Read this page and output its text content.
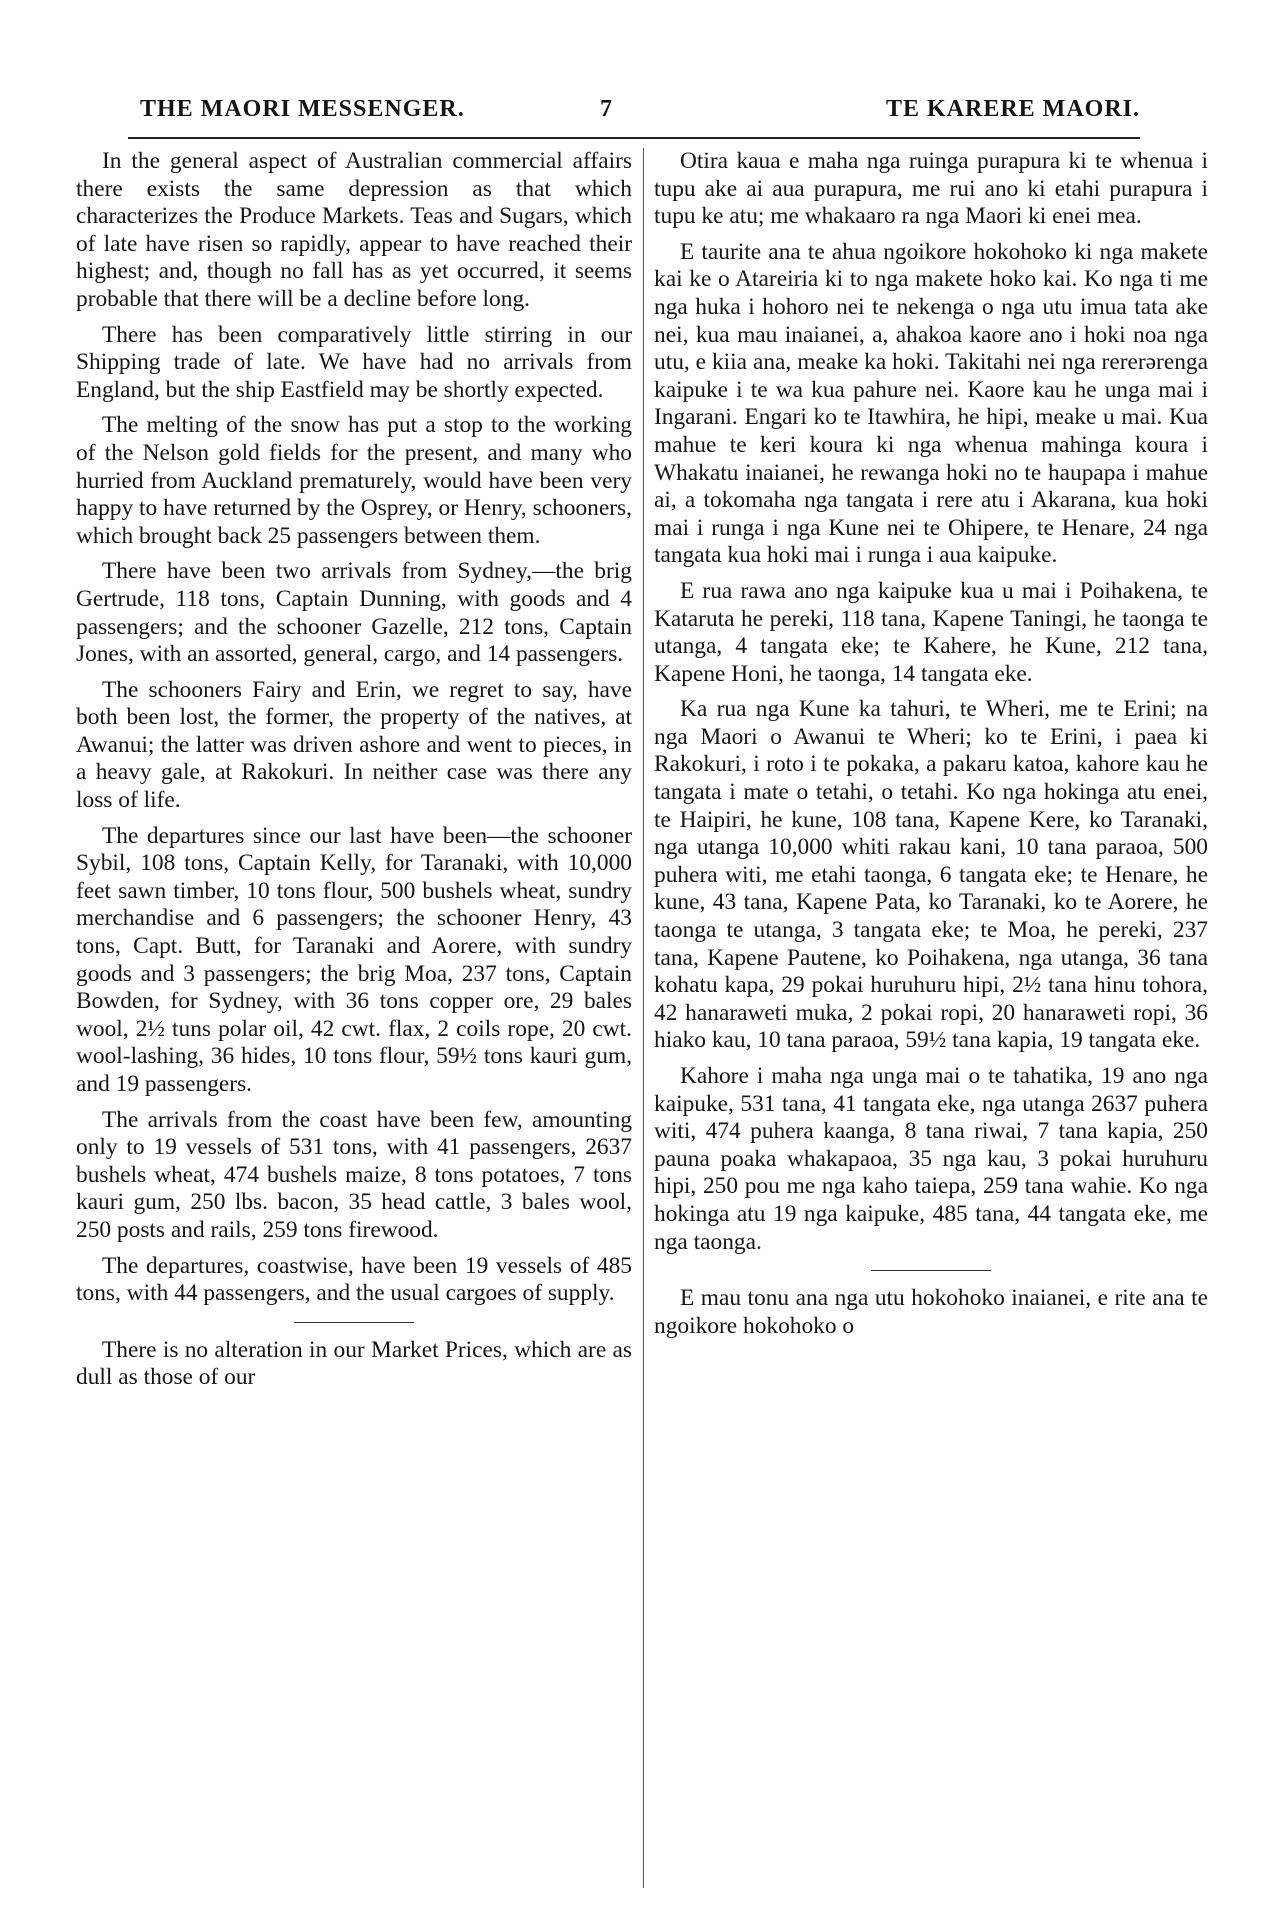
THE MAORI MESSENGER.	7	TE KARERE MAORI.

In the general aspect of Australian commercial affairs there exists the same depression as that which characterizes the Produce Markets. Teas and Sugars, which of late have risen so rapidly, appear to have reached their highest; and, though no fall has as yet occurred, it seems probable that there will be a decline before long.

There has been comparatively little stirring in our Shipping trade of late. We have had no arrivals from England, but the ship Eastfield may be shortly expected.

The melting of the snow has put a stop to the working of the Nelson gold fields for the present, and many who hurried from Auckland prematurely, would have been very happy to have returned by the Osprey, or Henry, schooners, which brought back 25 passengers between them.

There have been two arrivals from Sydney,—the brig Gertrude, 118 tons, Captain Dunning, with goods and 4 passengers; and the schooner Gazelle, 212 tons, Captain Jones, with an assorted, general, cargo, and 14 passengers.

The schooners Fairy and Erin, we regret to say, have both been lost, the former, the property of the natives, at Awanui; the latter was driven ashore and went to pieces, in a heavy gale, at Rakokuri. In neither case was there any loss of life.

The departures since our last have been—the schooner Sybil, 108 tons, Captain Kelly, for Taranaki, with 10,000 feet sawn timber, 10 tons flour, 500 bushels wheat, sundry merchandise and 6 passengers; the schooner Henry, 43 tons, Capt. Butt, for Taranaki and Aorere, with sundry goods and 3 passengers; the brig Moa, 237 tons, Captain Bowden, for Sydney, with 36 tons copper ore, 29 bales wool, 2½ tuns polar oil, 42 cwt. flax, 2 coils rope, 20 cwt. wool-lashing, 36 hides, 10 tons flour, 59½ tons kauri gum, and 19 passengers.

The arrivals from the coast have been few, amounting only to 19 vessels of 531 tons, with 41 passengers, 2637 bushels wheat, 474 bushels maize, 8 tons potatoes, 7 tons kauri gum, 250 lbs. bacon, 35 head cattle, 3 bales wool, 250 posts and rails, 259 tons firewood.

The departures, coastwise, have been 19 vessels of 485 tons, with 44 passengers, and the usual cargoes of supply.

There is no alteration in our Market Prices, which are as dull as those of our

Otira kaua e maha nga ruinga purapura ki te whenua i tupu ake ai aua purapura, me rui ano ki etahi purapura i tupu ke atu; me whakaaro ra nga Maori ki enei mea.

E taurite ana te ahua ngoikore hokohoko ki nga makete kai ke o Atareiria ki to nga makete hoko kai. Ko nga ti me nga huka i hohoro nei te nekenga o nga utu imua tata ake nei, kua mau inaianei, a, ahakoa kaore ano i hoki noa nga utu, e kiia ana, meake ka hoki. Takitahi nei nga rererərenga kaipuke i te wa kua pahure nei. Kaore kau he unga mai i Ingarani. Engari ko te Itawhira, he hipi, meake u mai. Kua mahue te keri koura ki nga whenua mahinga koura i Whakatu inaianei, he rewanga hoki no te haupapa i mahue ai, a tokomaha nga tangata i rere atu i Akarana, kua hoki mai i runga i nga Kune nei te Ohipere, te Henare, 24 nga tangata kua hoki mai i runga i aua kaipuke.

E rua rawa ano nga kaipuke kua u mai i Poihakena, te Kataruta he pereki, 118 tana, Kapene Taningi, he taonga te utanga, 4 tangata eke; te Kahere, he Kune, 212 tana, Kapene Honi, he taonga, 14 tangata eke.

Ka rua nga Kune ka tahuri, te Wheri, me te Erini; na nga Maori o Awanui te Wheri; ko te Erini, i paea ki Rakokuri, i roto i te pokaka, a pakaru katoa, kahore kau he tangata i mate o tetahi, o tetahi. Ko nga hokinga atu enei, te Haipiri, he kune, 108 tana, Kapene Kere, ko Taranaki, nga utanga 10,000 whiti rakau kani, 10 tana paraoa, 500 puhera witi, me etahi taonga, 6 tangata eke; te Henare, he kune, 43 tana, Kapene Pata, ko Taranaki, ko te Aorere, he taonga te utanga, 3 tangata eke; te Moa, he pereki, 237 tana, Kapene Pautene, ko Poihakena, nga utanga, 36 tana kohatu kapa, 29 pokai huruhuru hipi, 2½ tana hinu tohora, 42 hanaraweti muka, 2 pokai ropi, 20 hanaraweti ropi, 36 hiako kau, 10 tana paraoa, 59½ tana kapia, 19 tangata eke.

Kahore i maha nga unga mai o te tahatika, 19 ano nga kaipuke, 531 tana, 41 tangata eke, nga utanga 2637 puhera witi, 474 puhera kaanga, 8 tana riwai, 7 tana kapia, 250 pauna poaka whakapaoa, 35 nga kau, 3 pokai huruhuru hipi, 250 pou me nga kaho taiepa, 259 tana wahie. Ko nga hokinga atu 19 nga kaipuke, 485 tana, 44 tangata eke, me nga taonga.

E mau tonu ana nga utu hokohoko inaianei, e rite ana te ngoikore hokohoko o
